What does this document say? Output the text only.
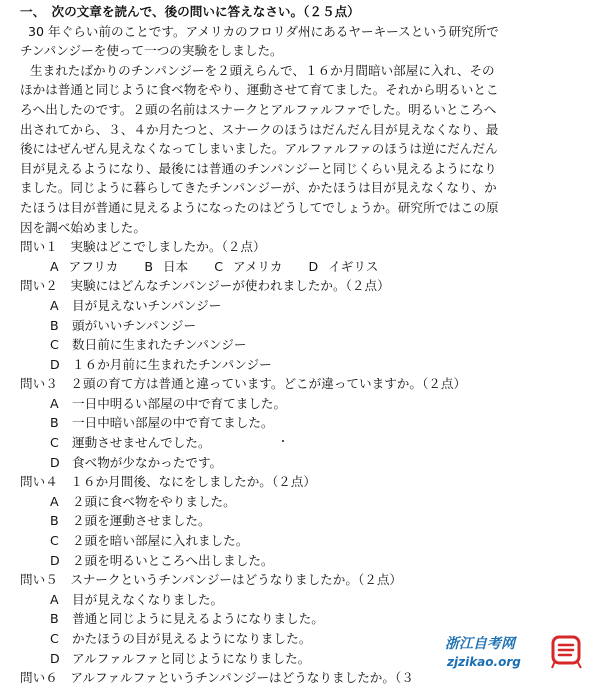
一、　次の文章を読んで、後の問いに答えなさい。（２５点）
30 年ぐらい前のことです。アメリカのフロリダ州にあるヤーキースという研究所で
チンパンジーを使って一つの実験をしました。
生まれたばかりのチンパンジーを２頭えらんで、１６か月間暗い部屋に入れ、その
ほかは普通と同じように食べ物をやり、運動させて育てました。それから明るいとこ
ろへ出したのです。２頭の名前はスナークとアルファルファでした。明るいところへ
出されてから、３、４か月たつと、スナークのほうはだんだん目が見えなくなり、最
後にはぜんぜん見えなくなってしまいました。アルファルファのほうは逆にだんだん
目が見えるようになり、最後には普通のチンパンジーと同じくらい見えるようになり
ました。同じように暮らしてきたチンパンジーが、かたほうは目が見えなくなり、か
たほうは目が普通に見えるようになったのはどうしてでしょうか。研究所ではこの原
因を調べ始めました。
問い１　実験はどこでしましたか。（２点）
A アフリカ B 日本 C アメリカ D イギリス
問い２　実験にはどんなチンパンジーが使われましたか。（２点）
A 目が見えないチンパンジー
B 頭がいいチンパンジー
C 数日前に生まれたチンパンジー
D １６か月前に生まれたチンパンジー
問い３　２頭の育て方は普通と違っています。どこが違っていますか。（２点）
A 一日中明るい部屋の中で育てました。
B 一日中暗い部屋の中で育てました。
C 運動させませんでした。
D 食べ物が少なかったです。
問い４　１６か月間後、なにをしましたか。（２点）
A ２頭に食べ物をやりました。
B ２頭を運動させました。
C ２頭を暗い部屋に入れました。
D ２頭を明るいところへ出しました。
問い５　スナークというチンパンジーはどうなりましたか。（２点）
A 目が見えなくなりました。
B 普通と同じように見えるようになりました。
C かたほうの目が見えるようになりました。
D アルファルファと同じようになりました。
問い６　アルファルファというチンパンジーはどうなりましたか。（３
浙江自考网
zjzikao.org
